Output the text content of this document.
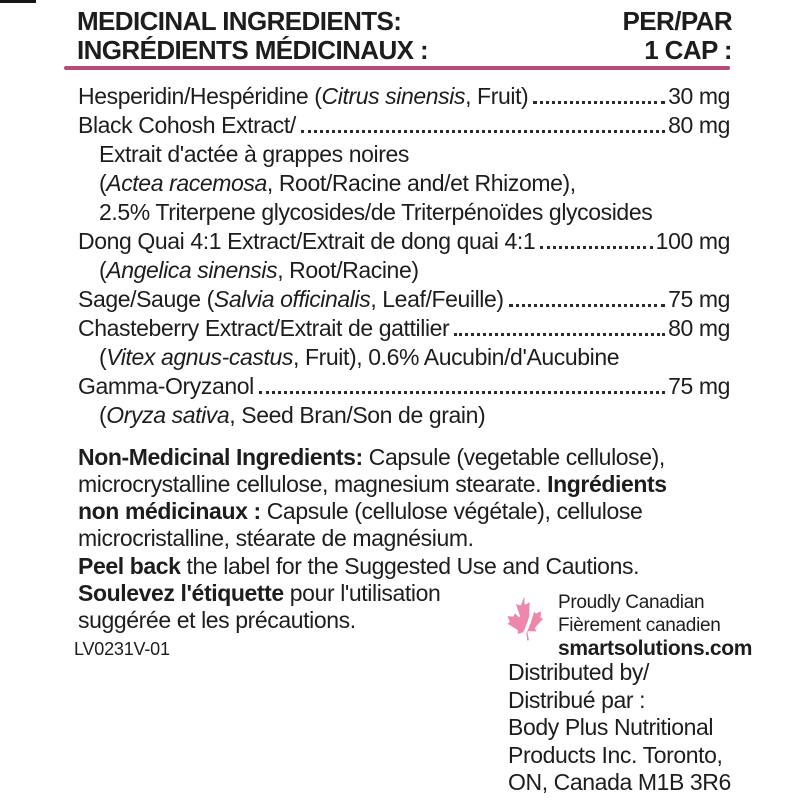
MEDICINAL INGREDIENTS:
INGRÉDIENTS MÉDICINAUX :
PER/PAR
1 CAP :
Hesperidin/Hespéridine (Citrus sinensis, Fruit)	30 mg
Black Cohosh Extract/	80 mg
Extrait d'actée à grappes noires
(Actea racemosa, Root/Racine and/et Rhizome),
2.5% Triterpene glycosides/de Triterpénoïdes glycosides
Dong Quai 4:1 Extract/Extrait de dong quai 4:1	100 mg
(Angelica sinensis, Root/Racine)
Sage/Sauge (Salvia officinalis, Leaf/Feuille)	75 mg
Chasteberry Extract/Extrait de gattilier	80 mg
(Vitex agnus-castus, Fruit), 0.6% Aucubin/d'Aucubine
Gamma-Oryzanol	75 mg
(Oryza sativa, Seed Bran/Son de grain)
Non-Medicinal Ingredients: Capsule (vegetable cellulose),
microcrystalline cellulose, magnesium stearate. Ingrédients
non médicinaux : Capsule (cellulose végétale), cellulose
microcristalline, stéarate de magnésium.
Peel back the label for the Suggested Use and Cautions.
Soulevez l'étiquette pour l'utilisation
suggérée et les précautions.
LV0231V-01
Proudly Canadian
Fièrement canadien
smartsolutions.com
Distributed by/
Distribué par :
Body Plus Nutritional
Products Inc. Toronto,
ON, Canada M1B 3R6
